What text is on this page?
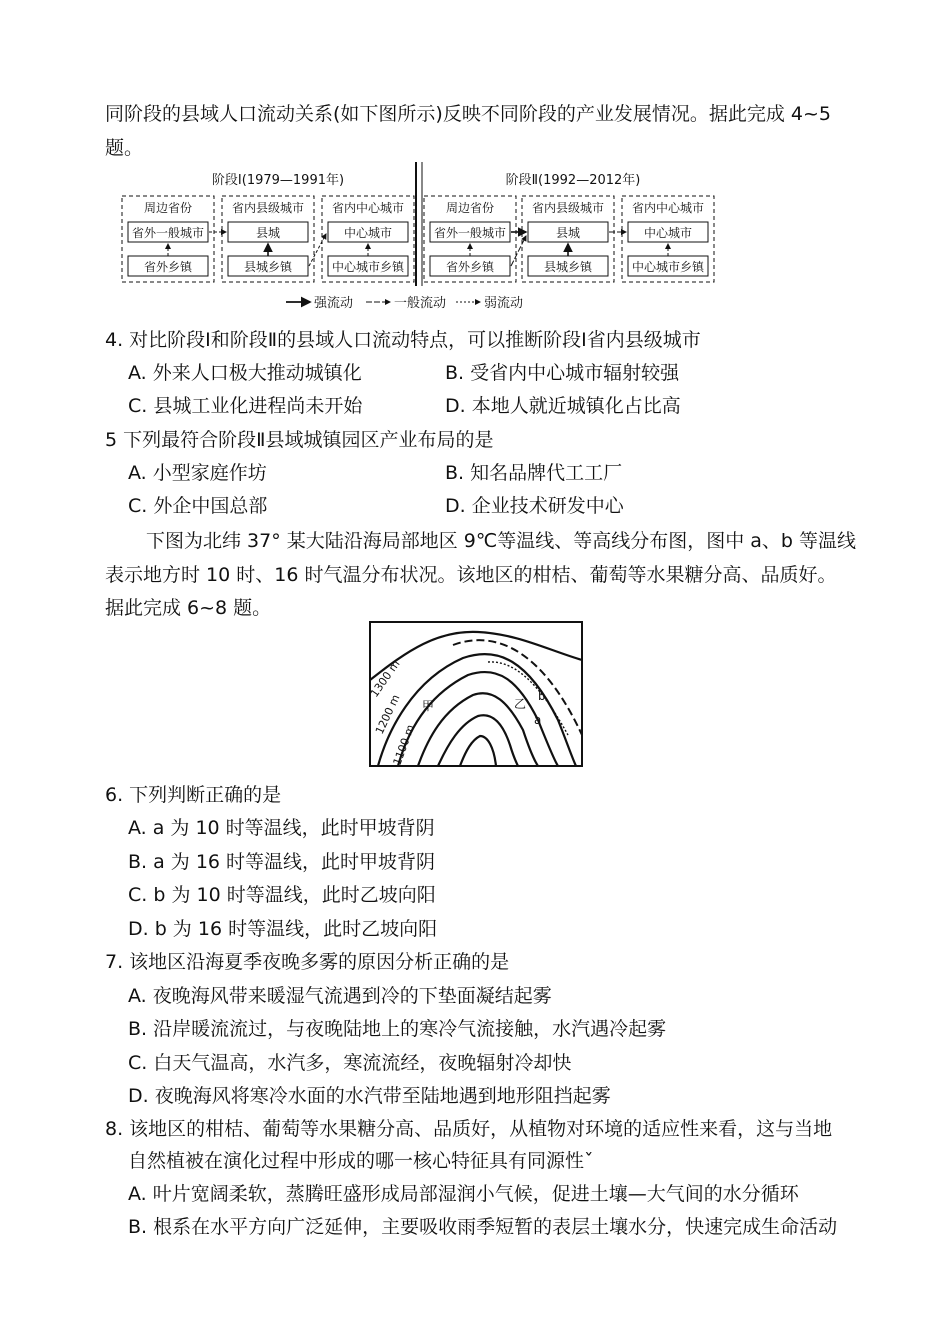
同阶段的县域人口流动关系(如下图所示)反映不同阶段的产业发展情况。据此完成 4~5
题。
阶段Ⅰ(1979—1991年)	阶段Ⅱ(1992—2012年)
周边省份	省内县级城市 省内中心城市
省外一般城市	县城	中心城市
省外乡镇	县城乡镇	中心城市乡镇
周边省份	省内县级城市 省内中心城市
省外一般城市	县城	中心城市
省外乡镇	县城乡镇	中心城市乡镇
强流动	一般流动	弱流动
4. 对比阶段Ⅰ和阶段Ⅱ的县域人口流动特点，可以推断阶段Ⅰ省内县级城市
A. 外来人口极大推动城镇化	B. 受省内中心城市辐射较强
C. 县城工业化进程尚未开始	D. 本地人就近城镇化占比高
5 下列最符合阶段Ⅱ县域城镇园区产业布局的是
A. 小型家庭作坊	B. 知名品牌代工工厂
C. 外企中国总部	D. 企业技术研发中心
下图为北纬 37° 某大陆沿海局部地区 9℃等温线、等高线分布图，图中 a、b 等温线
表示地方时 10 时、16 时气温分布状况。该地区的柑桔、葡萄等水果糖分高、品质好。
据此完成 6~8 题。
1300 m
1200 m
1100 m
甲	乙
b
a
6. 下列判断正确的是
A. a 为 10 时等温线，此时甲坡背阴
B. a 为 16 时等温线，此时甲坡背阴
C. b 为 10 时等温线，此时乙坡向阳
D. b 为 16 时等温线，此时乙坡向阳
7. 该地区沿海夏季夜晚多雾的原因分析正确的是
A. 夜晚海风带来暖湿气流遇到冷的下垫面凝结起雾
B. 沿岸暖流流过，与夜晚陆地上的寒冷气流接触，水汽遇冷起雾
C. 白天气温高，水汽多，寒流流经，夜晚辐射冷却快
D. 夜晚海风将寒冷水面的水汽带至陆地遇到地形阻挡起雾
8. 该地区的柑桔、葡萄等水果糖分高、品质好，从植物对环境的适应性来看，这与当地
自然植被在演化过程中形成的哪一核心特征具有同源性ˇ
A. 叶片宽阔柔软，蒸腾旺盛形成局部湿润小气候，促进土壤—大气间的水分循环
B. 根系在水平方向广泛延伸，主要吸收雨季短暂的表层土壤水分，快速完成生命活动
